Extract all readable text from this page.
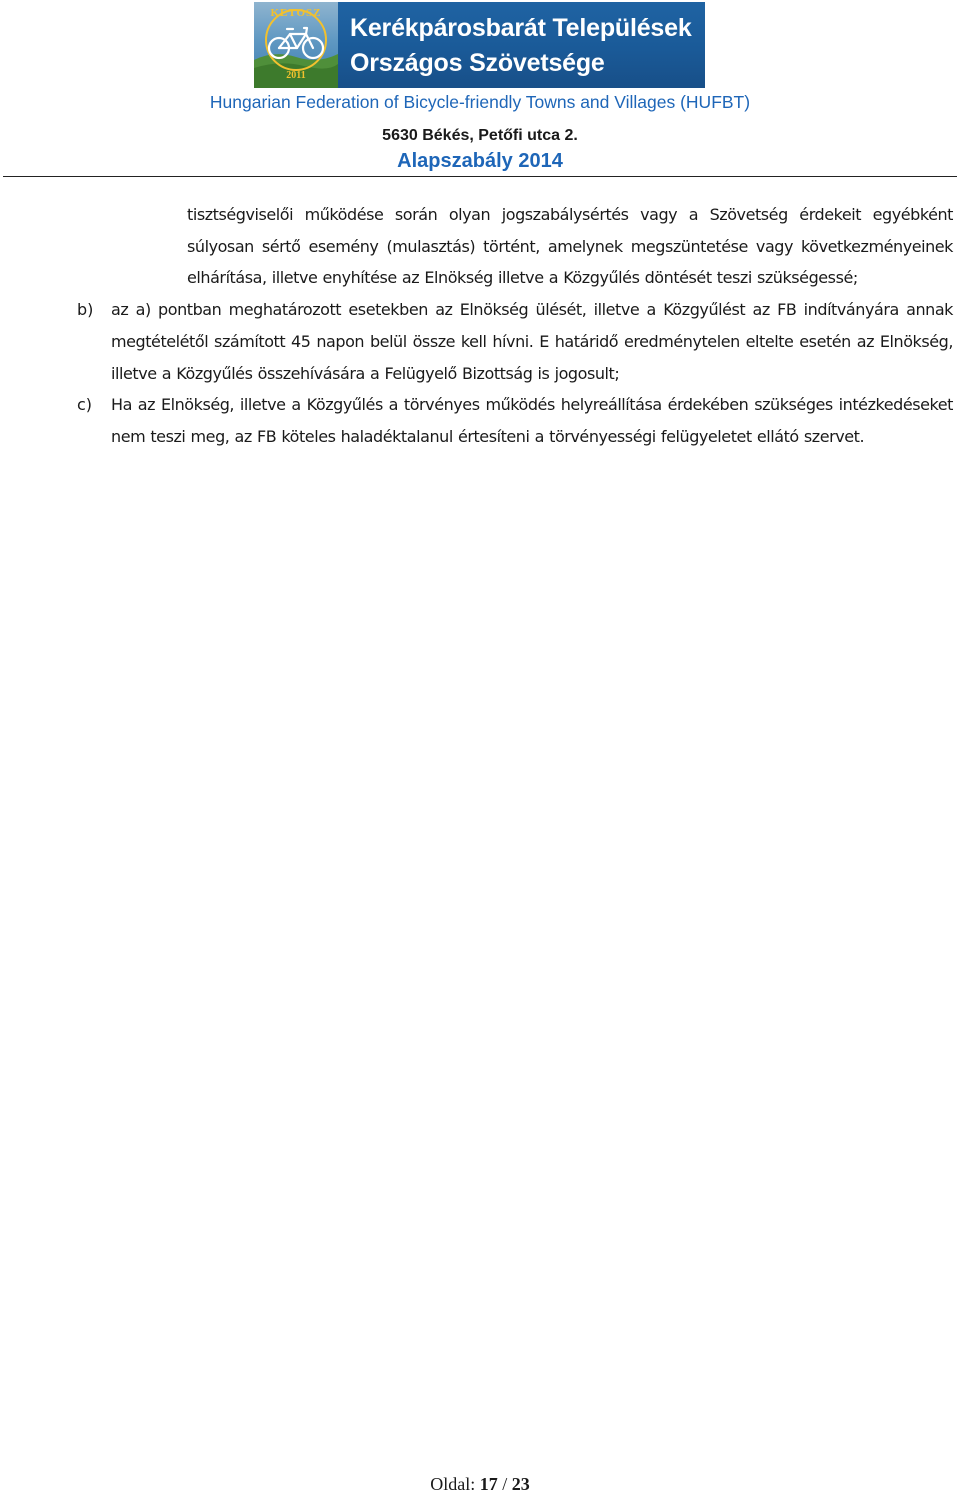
KETOSZ
2011
Kerékpárosbarát Települések
Országos Szövetsége
Hungarian Federation of Bicycle-friendly Towns and Villages (HUFBT)
5630 Békés, Petőfi utca 2.
Alapszabály 2014
tisztségviselői működése során olyan jogszabálysértés vagy a Szövetség érdekeit egyébként súlyosan sértő esemény (mulasztás) történt, amelynek megszüntetése vagy következményeinek elhárítása, illetve enyhítése az Elnökség illetve a Közgyűlés döntését teszi szükségessé;
b) az a) pontban meghatározott esetekben az Elnökség ülését, illetve a Közgyűlést az FB indítványára annak megtételétől számított 45 napon belül össze kell hívni. E határidő eredménytelen eltelte esetén az Elnökség, illetve a Közgyűlés összehívására a Felügyelő Bizottság is jogosult;
c) Ha az Elnökség, illetve a Közgyűlés a törvényes működés helyreállítása érdekében szükséges intézkedéseket nem teszi meg, az FB köteles haladéktalanul értesíteni a törvényességi felügyeletet ellátó szervet.
Oldal: 17 / 23
